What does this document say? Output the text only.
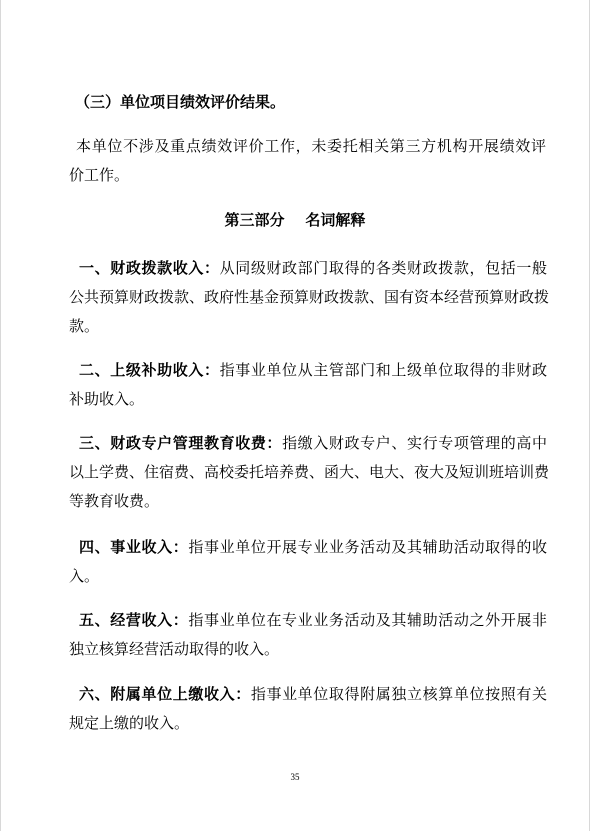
（三）单位项目绩效评价结果。
本单位不涉及重点绩效评价工作，未委托相关第三方机构开展绩效评
价工作。
第三部分    名词解释
一、财政拨款收入：从同级财政部门取得的各类财政拨款，包括一般
公共预算财政拨款、政府性基金预算财政拨款、国有资本经营预算财政拨
款。
二、上级补助收入：指事业单位从主管部门和上级单位取得的非财政
补助收入。
三、财政专户管理教育收费：指缴入财政专户、实行专项管理的高中
以上学费、住宿费、高校委托培养费、函大、电大、夜大及短训班培训费
等教育收费。
四、事业收入：指事业单位开展专业业务活动及其辅助活动取得的收
入。
五、经营收入：指事业单位在专业业务活动及其辅助活动之外开展非
独立核算经营活动取得的收入。
六、附属单位上缴收入：指事业单位取得附属独立核算单位按照有关
规定上缴的收入。
35
